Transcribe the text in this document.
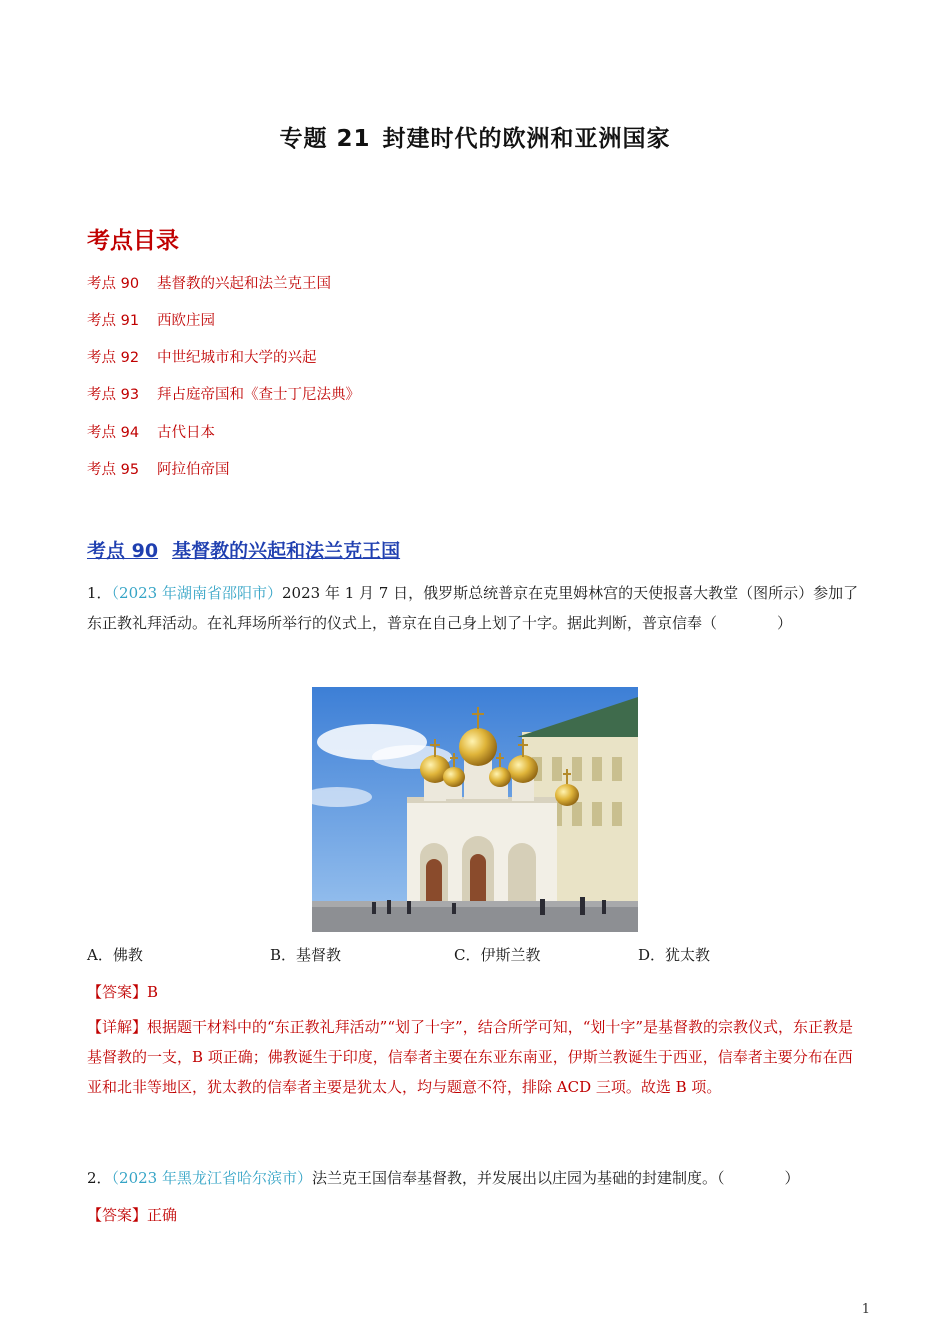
专题 21 封建时代的欧洲和亚洲国家
考点目录
考点 90 基督教的兴起和法兰克王国
考点 91 西欧庄园
考点 92 中世纪城市和大学的兴起
考点 93 拜占庭帝国和《查士丁尼法典》
考点 94 古代日本
考点 95 阿拉伯帝国
考点 90 基督教的兴起和法兰克王国
1．（2023 年湖南省邵阳市）2023 年 1 月 7 日，俄罗斯总统普京在克里姆林宫的天使报喜大教堂（图所示）参加了东正教礼拜活动。在礼拜场所举行的仪式上，普京在自己身上划了十字。据此判断，普京信奉（　　　　）
A．佛教	B．基督教	C．伊斯兰教	D．犹太教
【答案】B
【详解】根据题干材料中的“东正教礼拜活动”“划了十字”，结合所学可知，“划十字”是基督教的宗教仪式，东正教是基督教的一支，B 项正确；佛教诞生于印度，信奉者主要在东亚东南亚，伊斯兰教诞生于西亚，信奉者主要分布在西亚和北非等地区，犹太教的信奉者主要是犹太人，均与题意不符，排除 ACD 三项。故选 B 项。
2．（2023 年黑龙江省哈尔滨市）法兰克王国信奉基督教，并发展出以庄园为基础的封建制度。（　　　　）
【答案】正确
1
